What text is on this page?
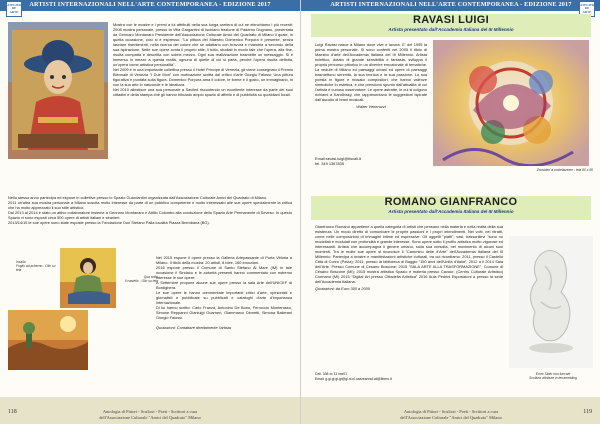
ARTISTI INTERNAZIONALI NELL'ARTE CONTEMPORANEA - EDIZIONE 2017
ATELIER
DE
ARTE

Mostra con le mostre e i premi a lui attribuiti nella sua lunga carriera di cui ne elenchiamo i più recenti: 2008 mostra personale, presso la Villa Gargantini di Ischiano frazione di Paderno Dugnano, presentata da Gennaro Montanaro Presidente dell'Associazione Culturale Amici del Quadrato di Milano il quale, in quella occasione, così si è espresso: "La pittura del Maestro Domenico Porpora è presente, senza lasciare risentimenti, nella ricerca del colore che se adattano con bravura e maestria a secondo della sua ispirazione. Nelle sue opere conta il proprio stile, il tutto, studiati in modo tale che l'opera, alla fine, risulta compatta e descritta con sobrie mezzo. Ogni sua realizzazione trasmette un messaggio. Si è immerso in mezzo a questa realtà, ognuna di quelle di cui si parla, perché l'opera risulta definita, un'opera come artistica personalità".

Nel 2009 è in una importante collettiva presso il Hotel Principe di Venezia, gli viene consegnato il Premio Biennale di Venezia "I Due Mori" con motivazione scritta dal critico d'arte Giorgio Falossi: Una pittura figurativa e puntata sulla figura. Domenico Porpora ama il colore, le forme e il gusto, un immaginario, in con la sua arte lo nasconde e le idealizza.

Nel 2010 allestisce una sua personale a Saviled riscuotendo un eccellente interesse da parte dei suoi cittadini e della stampa che gli hanno tributato ampio spazio di affetto e di pubblicità su quotidiani locali.

Nello stesso anno partecipa ed espone in collettive presso lo Spazio Guicciardini organizzata dall'Associazione Culturale Amici del Quadrato di Milano.

2011 un'altra sua mostra personale a Milano suscita molto interesse da parte di un pubblico competente e molto interessato alle sue opere specialmente la critica che ha molto apprezzato il suo stile artistico.

Dal 2013 al 2014 è stato un attivo collaboratore insieme a Gennaro Montanaro e Attilio Colombo alla conduzione dello Spazio Arte Permanente di Seveso. In questo Spazio vi sono esposti circa 500 opere di artisti italiani e stranieri.

2013/14/15 le sue opere sono state esposte presso la Fondazione Don Stefano Palla località Piazza Brembana (BG).

Insalla
Foglio ad acherno : Olio su tela
Qua sotto
Il castello - Olio su tela

Nel 2015 espone il opere presso la Galleria Artepassante di Porta Vittoria a Milano. Il titolo della mostra: 20 artisti, 8 idee, 160 emozioni.
2016 espone presso il Comune di Santo Stefano Al Mare (IM) in tale occasione il Sindaco e le autorità presenti hanno commentato con estremo interesse le sue opere;
A Settembre propone alcune sue opere presso la sala Arte dell'UNICEF di Bordighera.
Le sue opere le hanno commentate importanti critici d'arte, opinionisti e giornalisti e pubblicate su pubblicati e cataloghi d'arte d'importanza internazionale.
Di lui hanno scritto: Carlo Franza, Antonino De Bono, Ferruccio Monterosso, Simone Reppanni Gianluigi Guarneri, Giammarco Dinnetti, Simona Ballerani Giorgio Falossi.

Quotazioni: Contattare direttamente l'artista

118	Antologia di Pittori - Scultori - Poeti - Scrittori a cura
dell'Associazione Culturale "Amici del Quadrato" Milano
ARTISTI INTERNAZIONALI NELL'ARTE CONTEMPORANEA - EDIZIONE 2017	ATELIER
DE
ARTE
RAVASI LUIGI
Artista presentato dall'Accademia Italiana del III Millennio

Luigi Ravasi nasce a Milano dove vive e lavora. E' del 1995 la prima mostra personale. Si sono conferiti nel 2005 il titolo di Maestro d'arte dell'Accademia Italiana del III Millennio. Artista eclettico, dotato di grande sensibilità e fantasia, sviluppa il proprio percorso pittorico in un divenire emozionale di tematiche. La vedute di Milano ed paesaggi urbani ed opere di paesaggi trasmettono serenità, la sua tecnica e la sua passione. La sua poesia in figure e mosaici compositori, che hanno valenze simboliche in estetica, e che prendono spunto dall'attualità di cui l'artista è curioso osservatore. Le opere astratte, in cui si colgono richiami a Kandinsky, che rappresentano le suggestioni ispirate dall'ascolto di brani musicali.

Walter Veneruzzi

Email:ravasi.luigi@tiscali.it
tel. 349 1367835
Zoosideri a costellazione - tela 80 x 80
ROMANO GIANFRANCO
Artista presentato dall'Accademia Italiana del III Millennio

Gianfranco Romano appartiene a quella categoria di artisti che pensano nella materia e nella realtà della sua esistenza. Un modo diretto di comunicare le proprie passioni e i propri intendimenti. Nei volti, nei ritratti, come nelle composizioni di immagini intime ed espressive. Gli oggetti "piatti", vasi, bassorilievi "sono no modellati e modulati con profondità e grande interesse. Sono opere sotto il profilo artistico molto vigorose ed interessanti. Artista che accompagna il genere umano, sulla sua crescita, nel movimento di alcuni suoi momenti. Tra le molte sue opere si riconosce il "Cammino delle d'Arte" dell'Accademia Italiana del III Millennio. Partecipa a mostre e manifestazioni artistiche culturali, tra cui ricordiamo: 2011, presso il Castello Città di Corzo (Pavia); 2011, presso la biblioteca di Baggio "150 anni dell'Unità d'Italia"; 2012 a il 2014 Sala dell'Arte, Presso Comune di Cesano Boscone; 2015 "SALA ARTE ALLA TRASFORMAZIONE", Comune di Cesano Boscone (MI); 2015 mostra artistica Spazio e materia presso Cavour; (Centro Culturale Artistico) Cormano (MI) 2015 "Digital Art presso Cittadella Artistica" 2016 Aula Pedrini Esposizioni a presso la sede dell'Accademia Italiana.

Quotazioni: da Euro 300 a 2000

Cell. 338 xx 11 xxx01
Email: g.gi.gi.gl-gi@gi.ni.ni.cazzeannol.ail@libero.it
Emro Stato non Iuncale
Scultura attribute in terrameiding
119
Antologia di Pittori - Scultori - Poeti - Scrittori a cura
dell'Associazione Culturale "Amici del Quadrato" Milano
